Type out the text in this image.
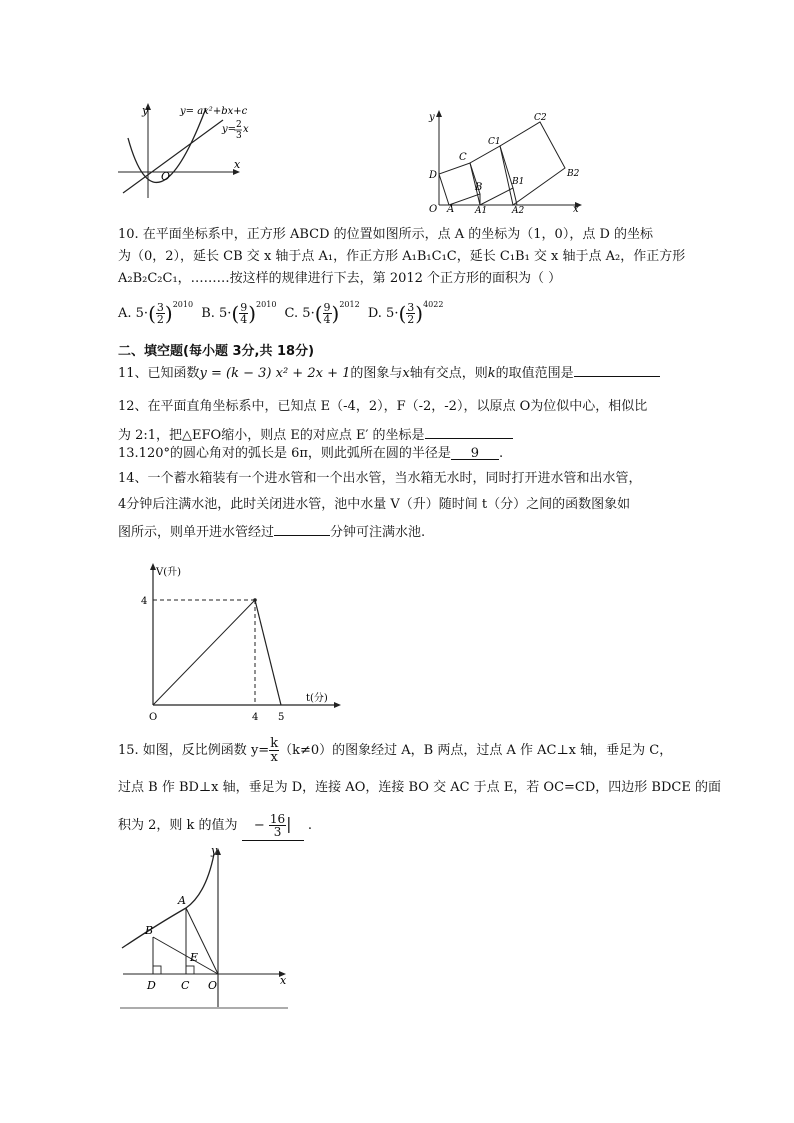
y
x
O
y= ax²+bx+c
y= 2
3
x
y
x
O
D
A
B
C
A1
B1
C1
A2
B2
C2
10. 在平面坐标系中，正方形 ABCD 的位置如图所示，点 A 的坐标为（1，0），点 D 的坐标
为（0，2），延长 CB 交 x 轴于点 A₁，作正方形 A₁B₁C₁C，延长 C₁B₁ 交 x 轴于点 A₂，作正方形
A₂B₂C₂C₁，………按这样的规律进行下去，第 2012 个正方形的面积为（ ）
A. $5\cdot( \frac{3}{2} )^{2010}$ B. $5\cdot( \frac{9}{4} )^{2010}$ C. $5\cdot( \frac{9}{4} )^{2012}$ D. $5\cdot( \frac{3}{2} )^{4022}$
二、填空题(每小题 3分,共 18分)
11、已知函数y = (k − 3) x² + 2x + 1的图象与x轴有交点，则k的取值范围是
12、在平面直角坐标系中，已知点 E（-4，2），F（-2，-2），以原点 O为位似中心，相似比
为 2:1，把△EFO缩小，则点 E的对应点 E′ 的坐标是
13.120°的圆心角对的弧长是 6π，则此弧所在圆的半径是 9 .
14、一个蓄水箱装有一个进水管和一个出水管，当水箱无水时，同时打开进水管和出水管，
4分钟后注满水池，此时关闭进水管，池中水量 V（升）随时间 t（分）之间的函数图象如
图所示，则单开进水管经过	分钟可注满水池.
V(升)
t(分)
O
4
4 5
15. 如图，反比例函数 $y= \frac{k}{x} (k\ne 0)$的图象经过 A，B 两点，过点 A 作 AC⊥x 轴，垂足为 C，
过点 B 作 BD⊥x 轴，垂足为 D，连接 AO，连接 BO 交 AC 于点 E，若 OC=CD，四边形 BDCE 的面
积为 2，则 k 的值为 − $\frac{16}{3}$ | .
y
x
A
B
E
D C O
